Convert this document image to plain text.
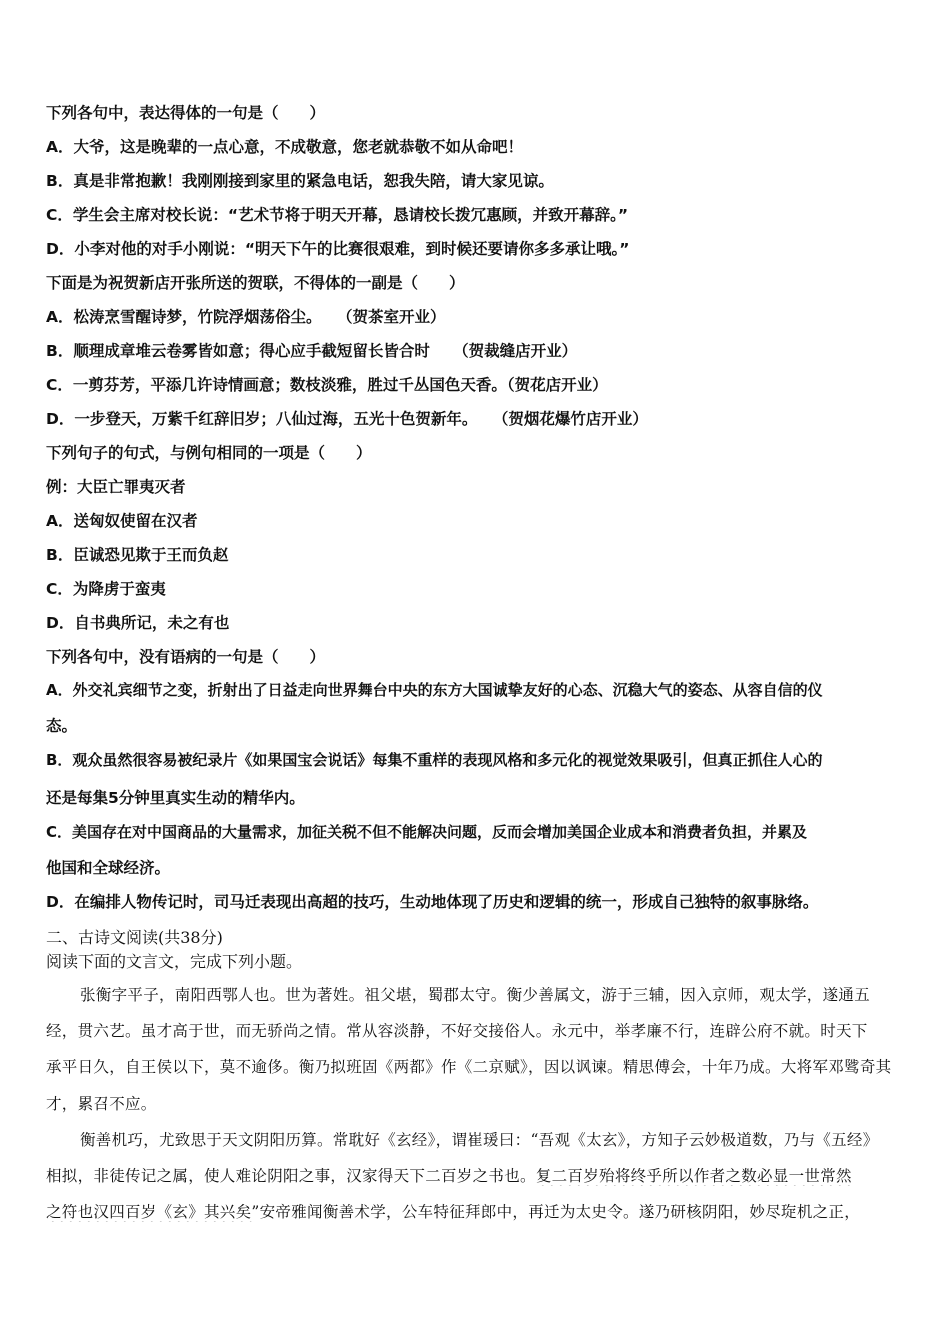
下列各句中，表达得体的一句是（　　）
A．大爷，这是晚辈的一点心意，不成敬意，您老就恭敬不如从命吧！
B．真是非常抱歉！我刚刚接到家里的紧急电话，恕我失陪，请大家见谅。
C．学生会主席对校长说：“艺术节将于明天开幕，恳请校长拨冗惠顾，并致开幕辞。”
D．小李对他的对手小刚说：“明天下午的比赛很艰难，到时候还要请你多多承让哦。”
下面是为祝贺新店开张所送的贺联，不得体的一副是（　　）
A．松涛烹雪醒诗梦，竹院浮烟荡俗尘。　　（贺茶室开业）
B．顺理成章堆云卷雾皆如意；得心应手截短留长皆合时　　（贺裁缝店开业）
C．一剪芬芳，平添几许诗情画意；数枝淡雅，胜过千丛国色天香。（贺花店开业）
D．一步登天，万紫千红辞旧岁；八仙过海，五光十色贺新年。　　（贺烟花爆竹店开业）
下列句子的句式，与例句相同的一项是（　　）
例：大臣亡罪夷灭者
A．送匈奴使留在汉者
B．臣诚恐见欺于王而负赵
C．为降虏于蛮夷
D．自书典所记，未之有也
下列各句中，没有语病的一句是（　　）
A．外交礼宾细节之变，折射出了日益走向世界舞台中央的东方大国诚挚友好的心态、沉稳大气的姿态、从容自信的仪
态。
B．观众虽然很容易被纪录片《如果国宝会说话》每集不重样的表现风格和多元化的视觉效果吸引，但真正抓住人心的
还是每集5分钟里真实生动的精华内。
C．美国存在对中国商品的大量需求，加征关税不但不能解决问题，反而会增加美国企业成本和消费者负担，并累及
他国和全球经济。
D．在编排人物传记时，司马迁表现出高超的技巧，生动地体现了历史和逻辑的统一，形成自己独特的叙事脉络。
二、古诗文阅读(共38分)
阅读下面的文言文，完成下列小题。
张衡字平子，南阳西鄂人也。世为著姓。祖父堪，蜀郡太守。衡少善属文，游于三辅，因入京师，观太学，遂通五
经，贯六艺。虽才高于世，而无骄尚之情。常从容淡静，不好交接俗人。永元中，举孝廉不行，连辟公府不就。时天下
承平日久，自王侯以下，莫不逾侈。衡乃拟班固《两都》作《二京赋》，因以讽谏。精思傅会，十年乃成。大将军邓骘奇其
才，累召不应。
衡善机巧，尤致思于天文阴阳历算。常耽好《玄经》，谓崔瑗曰：“吾观《太玄》，方知子云妙极道数，乃与《五经》
相拟，非徒传记之属，使人难论阴阳之事，汉家得天下二百岁之书也。复二百岁殆将终乎所以作者之数必显一世常然
之符也汉四百岁《玄》其兴矣”安帝雅闻衡善术学，公车特征拜郎中，再迁为太史令。遂乃研核阴阳，妙尽琁机之正，
